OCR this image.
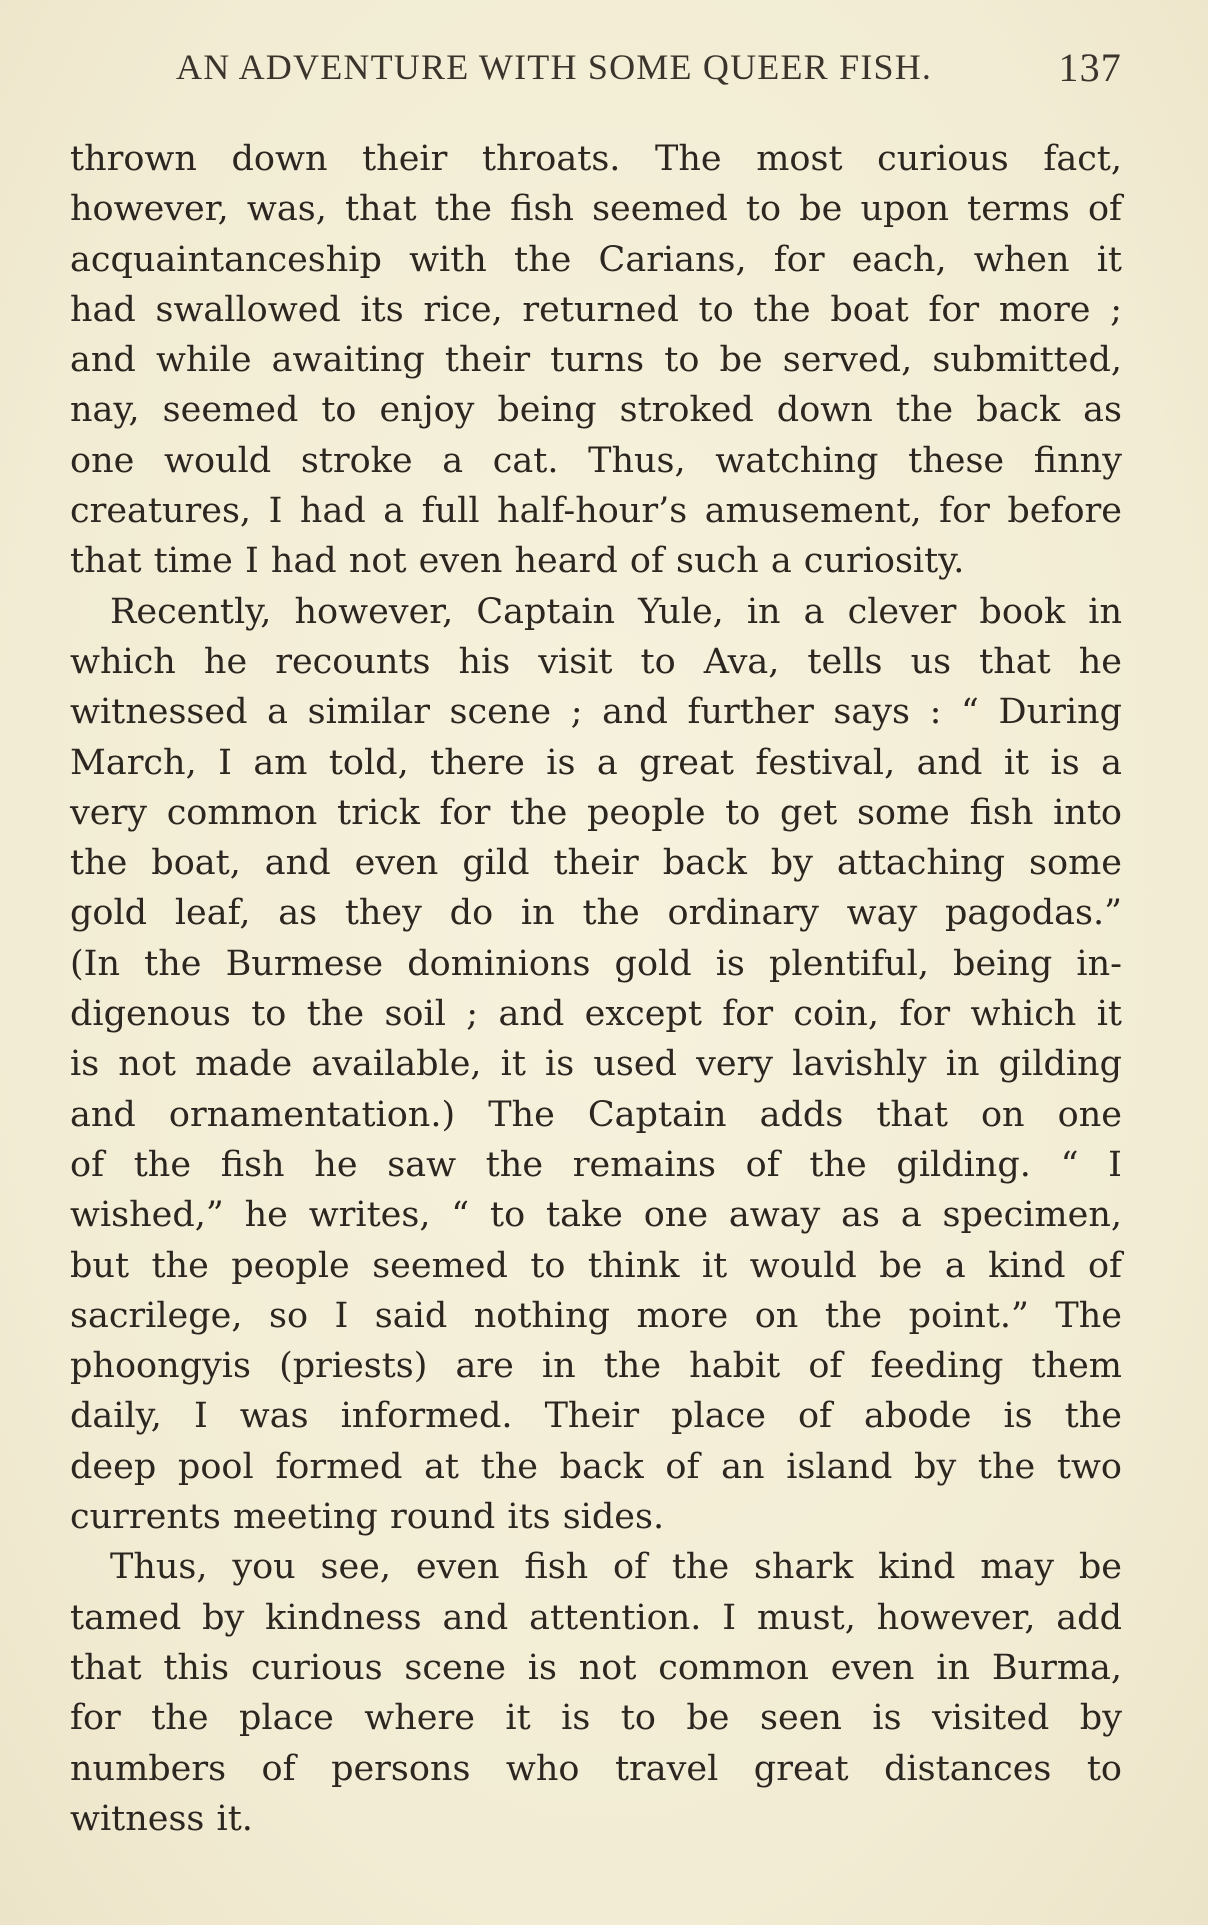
AN ADVENTURE WITH SOME QUEER FISH.	137
thrown down their throats. The most curious fact,
however, was, that the fish seemed to be upon terms of
acquaintanceship with the Carians, for each, when it
had swallowed its rice, returned to the boat for more ;
and while awaiting their turns to be served, submitted,
nay, seemed to enjoy being stroked down the back as
one would stroke a cat. Thus, watching these finny
creatures, I had a full half-hour’s amusement, for before
that time I had not even heard of such a curiosity.
Recently, however, Captain Yule, in a clever book in
which he recounts his visit to Ava, tells us that he
witnessed a similar scene ; and further says : “ During
March, I am told, there is a great festival, and it is a
very common trick for the people to get some fish into
the boat, and even gild their back by attaching some
gold leaf, as they do in the ordinary way pagodas.”
(In the Burmese dominions gold is plentiful, being in-
digenous to the soil ; and except for coin, for which it
is not made available, it is used very lavishly in gilding
and ornamentation.) The Captain adds that on one
of the fish he saw the remains of the gilding. “ I
wished,” he writes, “ to take one away as a specimen,
but the people seemed to think it would be a kind of
sacrilege, so I said nothing more on the point.” The
phoongyis (priests) are in the habit of feeding them
daily, I was informed. Their place of abode is the
deep pool formed at the back of an island by the two
currents meeting round its sides.
Thus, you see, even fish of the shark kind may be
tamed by kindness and attention. I must, however, add
that this curious scene is not common even in Burma,
for the place where it is to be seen is visited by
numbers of persons who travel great distances to
witness it.
